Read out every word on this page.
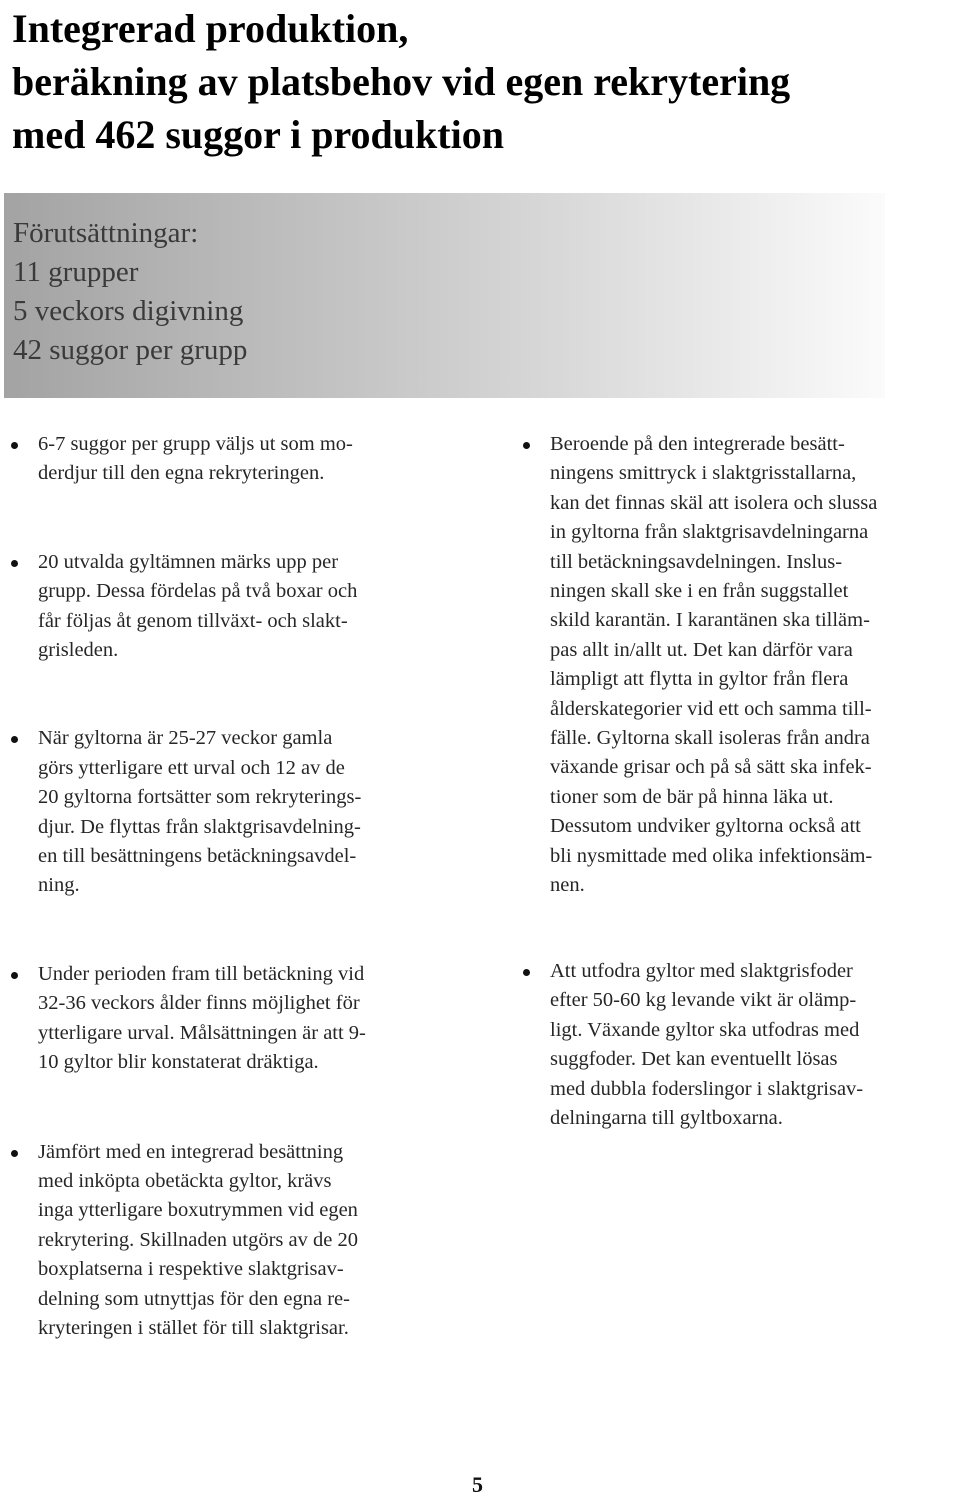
Integrerad produktion,
beräkning av platsbehov vid egen rekrytering
med 462 suggor i produktion
Förutsättningar:
11 grupper
5 veckors digivning
42 suggor per grupp
6-7 suggor per grupp väljs ut som mo-
derdjur till den egna rekryteringen.
20 utvalda gyltämnen märks upp per
grupp. Dessa fördelas på två boxar och
får följas åt genom tillväxt- och slakt-
grisleden.
När gyltorna är 25-27 veckor gamla
görs ytterligare ett urval och 12 av de
20 gyltorna fortsätter som rekryterings-
djur. De flyttas från slaktgrisavdelning-
en till besättningens betäckningsavdel-
ning.
Beroende på den integrerade besätt-
ningens smittryck i slaktgrisstallarna,
kan det finnas skäl att isolera och slussa
in gyltorna från slaktgrisavdelningarna
till betäckningsavdelningen. Inslus-
ningen skall ske i en från suggstallet
skild karantän. I karantänen ska tilläm-
pas allt in/allt ut. Det kan därför vara
lämpligt att flytta in gyltor från flera
ålderskategorier vid ett och samma till-
fälle. Gyltorna skall isoleras från andra
växande grisar och på så sätt ska infek-
tioner som de bär på hinna läka ut.
Dessutom undviker gyltorna också att
bli nysmittade med olika infektionsäm-
nen.
Under perioden fram till betäckning vid
32-36 veckors ålder finns möjlighet för
ytterligare urval. Målsättningen är att 9-
10 gyltor blir konstaterat dräktiga.
Jämfört med en integrerad besättning
med inköpta obetäckta gyltor, krävs
inga ytterligare boxutrymmen vid egen
rekrytering. Skillnaden utgörs av de 20
boxplatserna i respektive slaktgrisav-
delning som utnyttjas för den egna re-
kryteringen i stället för till slaktgrisar.
Att utfodra gyltor med slaktgrisfoder
efter 50-60 kg levande vikt är olämp-
ligt. Växande gyltor ska utfodras med
suggfoder. Det kan eventuellt lösas
med dubbla foderslingor i slaktgrisav-
delningarna till gyltboxarna.
5
